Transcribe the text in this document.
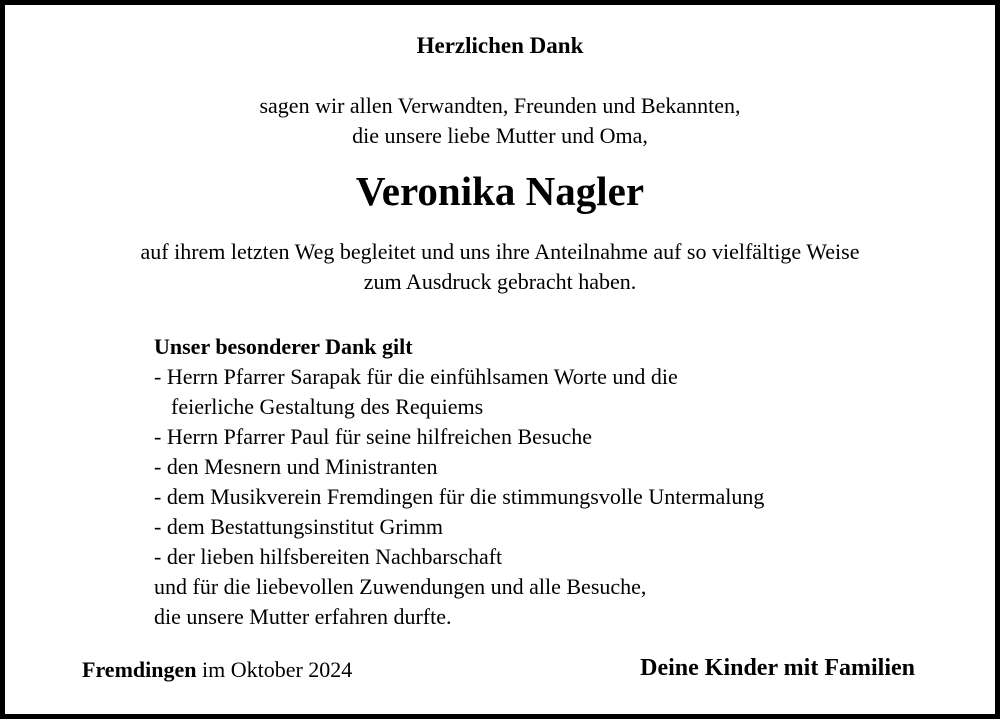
Herzlichen Dank
sagen wir allen Verwandten, Freunden und Bekannten,
die unsere liebe Mutter und Oma,
Veronika Nagler
auf ihrem letzten Weg begleitet und uns ihre Anteilnahme auf so vielfältige Weise
zum Ausdruck gebracht haben.
Unser besonderer Dank gilt
- Herrn Pfarrer Sarapak für die einfühlsamen Worte und die
feierliche Gestaltung des Requiems
- Herrn Pfarrer Paul für seine hilfreichen Besuche
- den Mesnern und Ministranten
- dem Musikverein Fremdingen für die stimmungsvolle Untermalung
- dem Bestattungsinstitut Grimm
- der lieben hilfsbereiten Nachbarschaft
und für die liebevollen Zuwendungen und alle Besuche,
die unsere Mutter erfahren durfte.
Fremdingen im Oktober 2024	Deine Kinder mit Familien
